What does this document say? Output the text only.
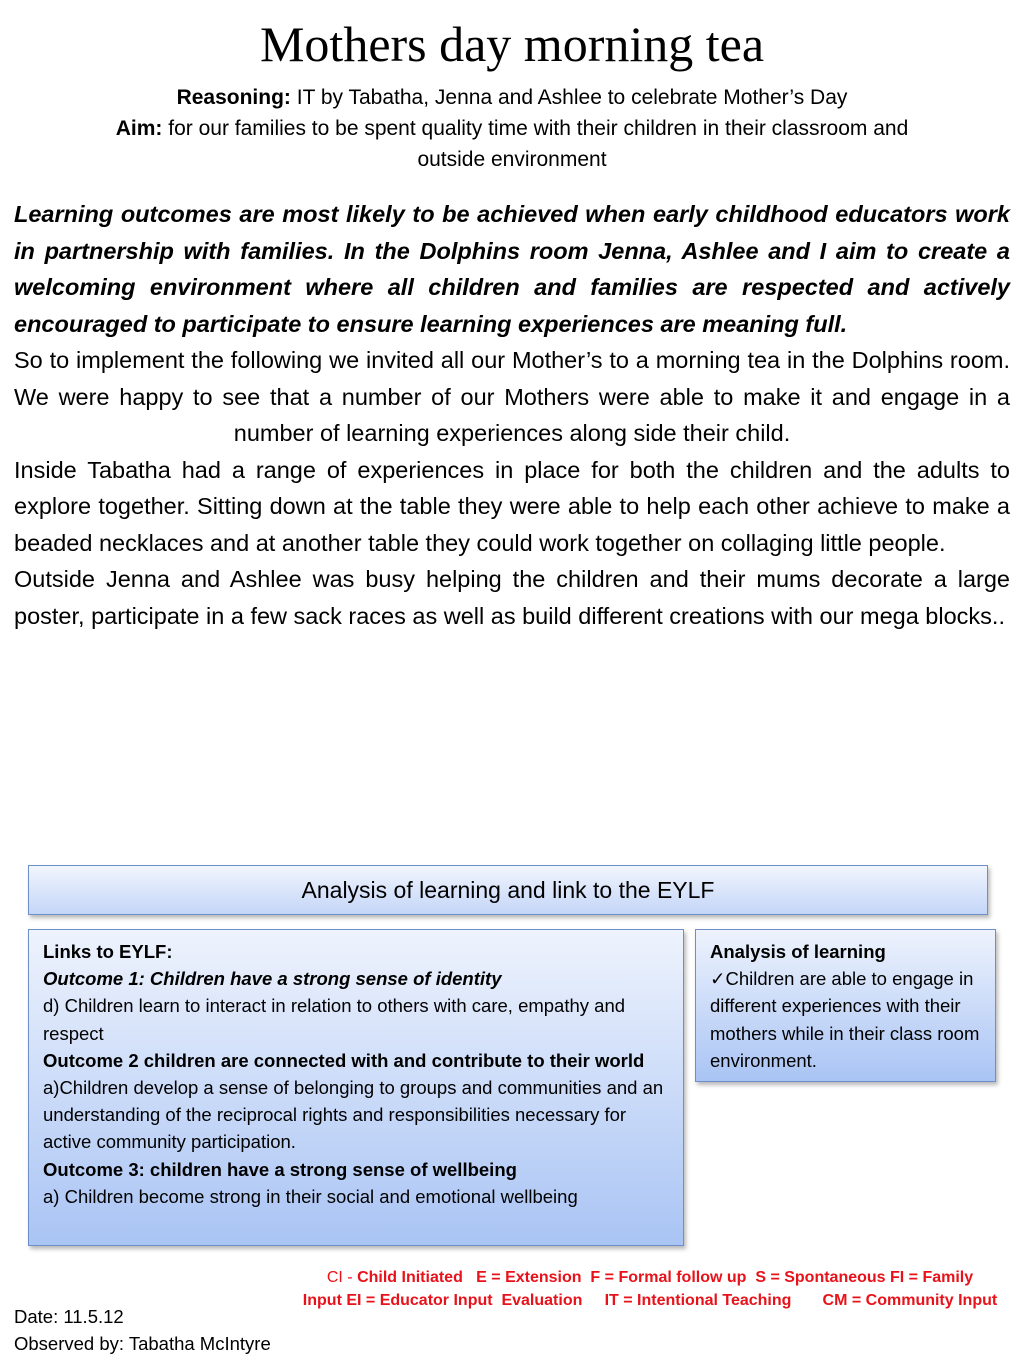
Mothers day morning tea
Reasoning: IT by Tabatha, Jenna and Ashlee to celebrate Mother’s Day
Aim: for our families to be spent quality time with their children in their classroom and
outside environment

Learning outcomes are most likely to be achieved when early childhood educators work in partnership with families. In the Dolphins room Jenna, Ashlee and I aim to create a welcoming environment where all children and families are respected and actively encouraged to participate to ensure learning experiences are meaning full.

So to implement the following we invited all our Mother’s to a morning tea in the Dolphins room. We were happy to see that a number of our Mothers were able to make it and engage in a number of learning experiences along side their child.

Inside Tabatha had a range of experiences in place for both the children and the adults to explore together. Sitting down at the table they were able to help each other achieve to make a beaded necklaces and at another table they could work together on collaging little people.

Outside Jenna and Ashlee was busy helping the children and their mums decorate a large poster, participate in a few sack races as well as build different creations with our mega blocks..

Analysis of learning and link to the EYLF
Links to EYLF:
Outcome 1: Children have a strong sense of identity
d) Children learn to interact in relation to others with care, empathy and respect
Outcome 2 children are connected with and contribute to their world
a)Children develop a sense of belonging to groups and communities and an understanding of the reciprocal rights and responsibilities necessary for active community participation.
Outcome 3: children have a strong sense of wellbeing
a) Children become strong in their social and emotional wellbeing
Analysis of learning
✓Children are able to engage in different experiences with their mothers while in their class room environment.
CI - Child Initiated   E = Extension  F = Formal follow up  S = Spontaneous FI = Family
Input EI = Educator Input  Evaluation     IT = Intentional Teaching       CM = Community Input
Date: 11.5.12
Observed by: Tabatha McIntyre
